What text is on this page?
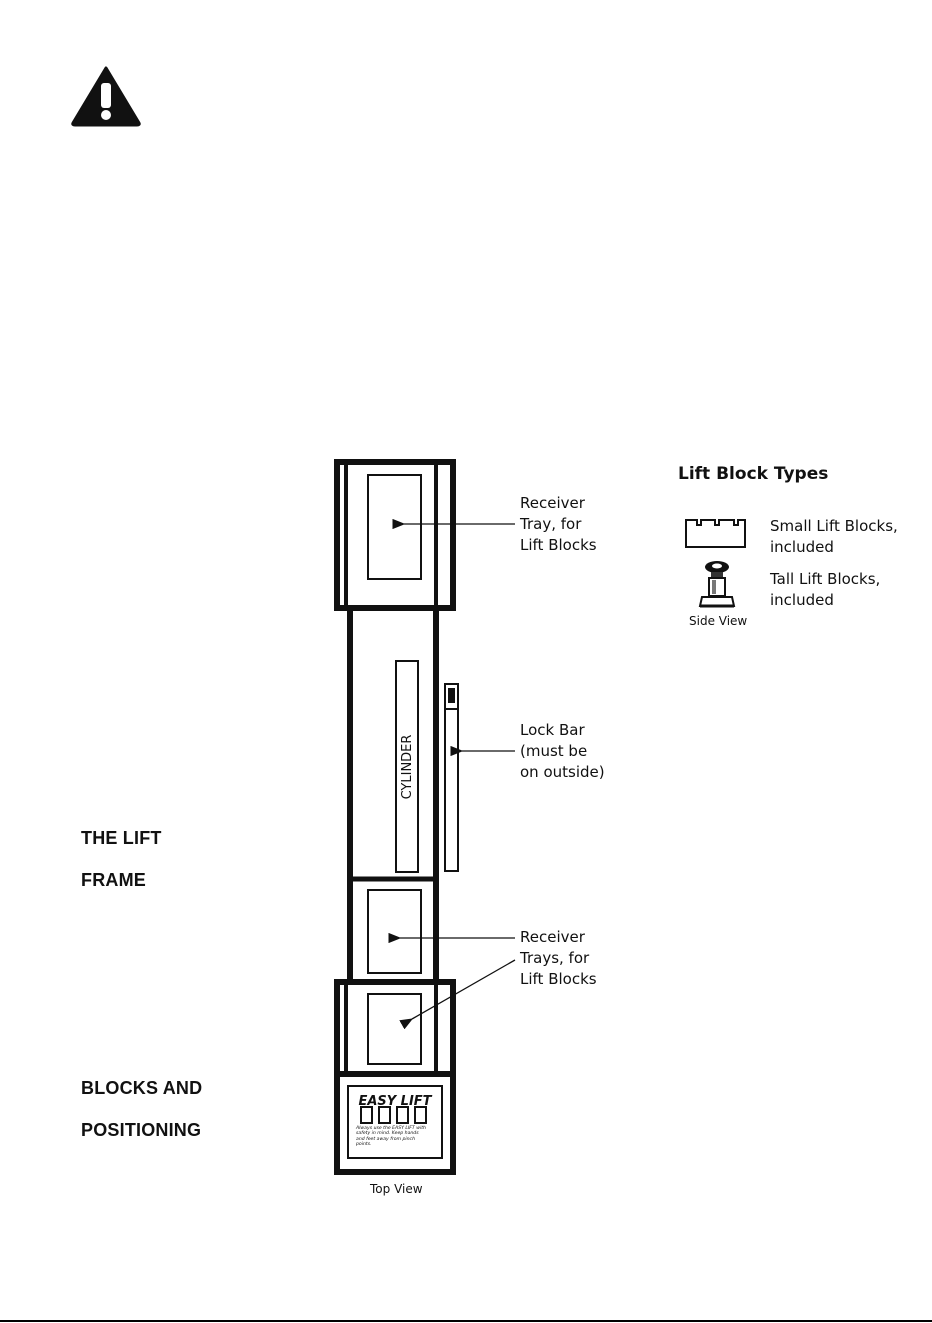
THE LIFT
FRAME
BLOCKS AND
POSITIONING
CYLINDER
EASY LIFT
Always use the EASY LIFT with safety in mind. Keep hands and feet away from pinch points.
Top View
Receiver
Tray, for
Lift Blocks
Lock Bar
(must be
on outside)
Receiver
Trays, for
Lift Blocks
Lift Block Types
Small Lift Blocks,
included
Tall Lift Blocks,
included
Side View
